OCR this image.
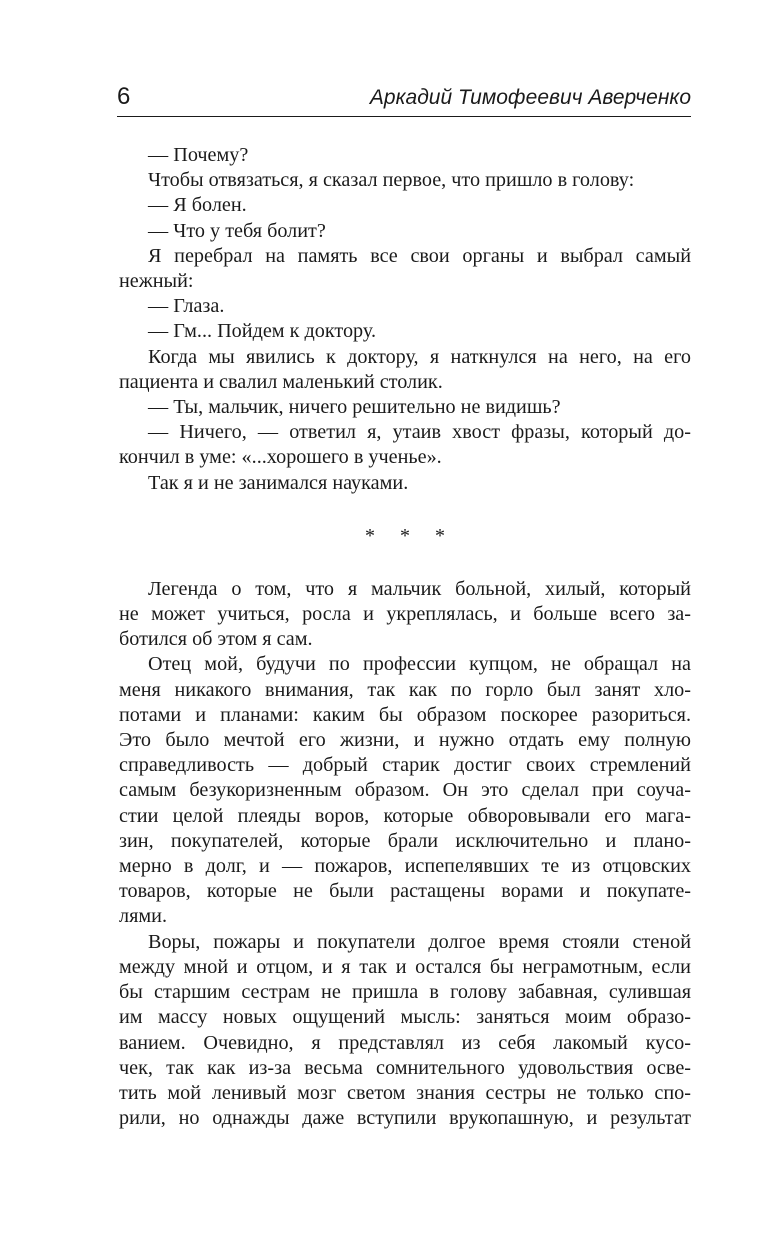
6	Аркадий Тимофеевич Аверченко
— Почему?
Чтобы отвязаться, я сказал первое, что пришло в голову:
— Я болен.
— Что у тебя болит?
Я перебрал на память все свои органы и выбрал самый
нежный:
— Глаза.
— Гм... Пойдем к доктору.
Когда мы явились к доктору, я наткнулся на него, на его
пациента и свалил маленький столик.
— Ты, мальчик, ничего решительно не видишь?
— Ничего, — ответил я, утаив хвост фразы, который до-
кончил в уме: «...хорошего в ученье».
Так я и не занимался науками.
* * *
Легенда о том, что я мальчик больной, хилый, который
не может учиться, росла и укреплялась, и больше всего за-
ботился об этом я сам.
Отец мой, будучи по профессии купцом, не обращал на
меня никакого внимания, так как по горло был занят хло-
потами и планами: каким бы образом поскорее разориться.
Это было мечтой его жизни, и нужно отдать ему полную
справедливость — добрый старик достиг своих стремлений
самым безукоризненным образом. Он это сделал при соуча-
стии целой плеяды воров, которые обворовывали его мага-
зин, покупателей, которые брали исключительно и плано-
мерно в долг, и — пожаров, испепелявших те из отцовских
товаров, которые не были растащены ворами и покупате-
лями.
Воры, пожары и покупатели долгое время стояли стеной
между мной и отцом, и я так и остался бы неграмотным, если
бы старшим сестрам не пришла в голову забавная, сулившая
им массу новых ощущений мысль: заняться моим образо-
ванием. Очевидно, я представлял из себя лакомый кусо-
чек, так как из-за весьма сомнительного удовольствия осве-
тить мой ленивый мозг светом знания сестры не только спо-
рили, но однажды даже вступили врукопашную, и результат
